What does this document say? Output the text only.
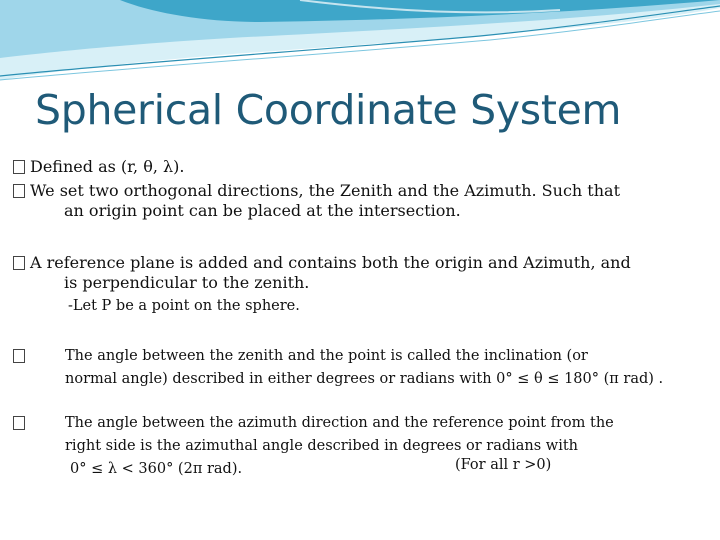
Spherical Coordinate System
Defined as (r, θ, λ).
We set two orthogonal directions, the Zenith and the Azimuth. Such that
an origin point can be placed at the intersection.
A reference plane is added and contains both the origin and Azimuth, and
is perpendicular to the zenith.
-Let P be a point on the sphere.
The angle between the zenith and the point is called the inclination (or
normal angle) described in either degrees or radians with 0° ≤ θ ≤ 180° (π rad) .
The angle between the azimuth direction and the reference point from the
right side is the azimuthal angle described in degrees or radians with
0° ≤ λ < 360° (2π rad).	(For all r >0)
